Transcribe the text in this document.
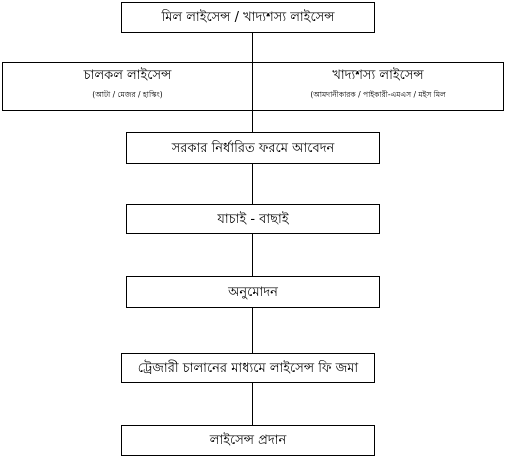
মিল লাইসেন্স / খাদ্যশস্য লাইসেন্স
চালকল লাইসেন্স
(আটা / মেজর / হাস্কিং)
খাদ্যশস্য লাইসেন্স
(আমদানীকারক / পাইকারী-এমএস / মইস মিল
সরকার নির্ধারিত ফরমে আবেদন
যাচাই - বাছাই
অনুমোদন
ট্রেজারী চালানের মাধ্যমে লাইসেন্স ফি জমা
লাইসেন্স প্রদান
